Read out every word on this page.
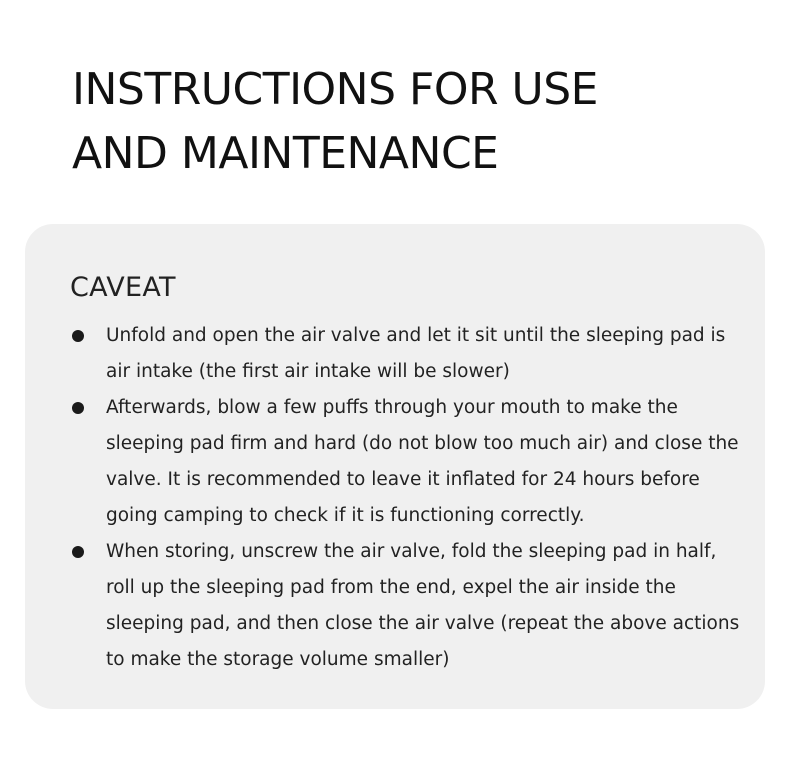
INSTRUCTIONS FOR USE
AND MAINTENANCE
CAVEAT
Unfold and open the air valve and let it sit until the sleeping pad is air intake (the first air intake will be slower)
Afterwards, blow a few puffs through your mouth to make the sleeping pad firm and hard (do not blow too much air) and close the valve. It is recommended to leave it inflated for 24 hours before going camping to check if it is functioning correctly.
When storing, unscrew the air valve, fold the sleeping pad in half, roll up the sleeping pad from the end, expel the air inside the sleeping pad, and then close the air valve (repeat the above actions to make the storage volume smaller)
